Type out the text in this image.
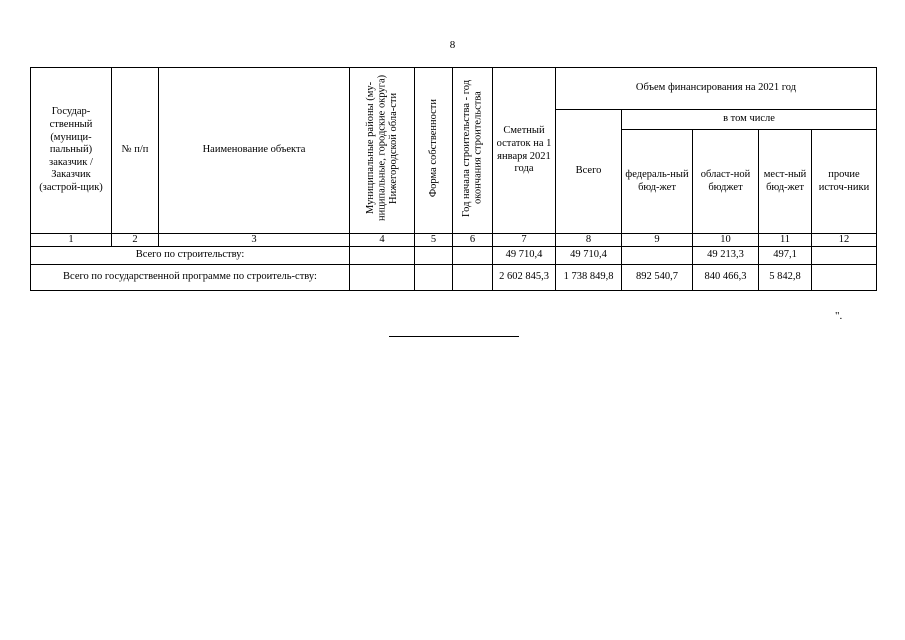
8
Государ-ственный (муници-пальный) заказчик / Заказчик (застрой-щик)	№ п/п	Наименование объекта	Муниципальные районы (му-ниципальные, городские округа) Нижегородской обла-сти	Форма собственности	Год начала строительства - год окончания строительства	Сметный остаток на 1 января 2021 года	Объем финансирования на 2021 год				
							Всего	в том числе			
								федераль-ный бюд-жет	област-ной бюджет	мест-ный бюд-жет	прочие источ-ники
1	2	3	4	5	6	7	8	9	10	11	12
Всего по строительству:						49 710,4	49 710,4		49 213,3	497,1	
Всего по государственной программе по строитель-ству:						2 602 845,3	1 738 849,8	892 540,7	840 466,3	5 842,8	
".
